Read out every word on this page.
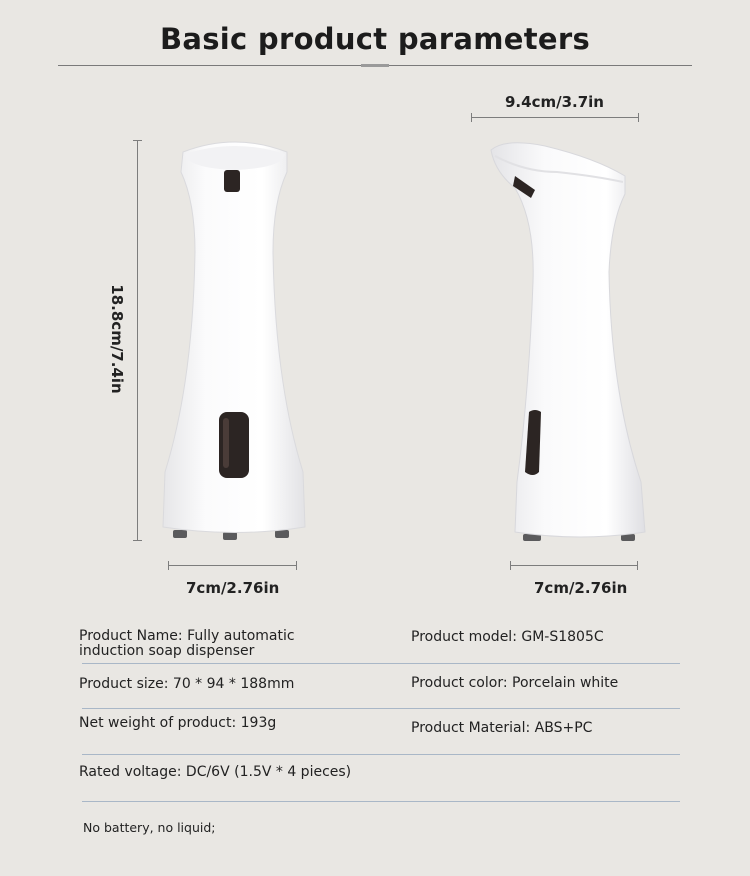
Basic product parameters
18.8cm/7.4in
7cm/2.76in
9.4cm/3.7in
7cm/2.76in
Product Name: Fully automatic
induction soap dispenser
Product model: GM-S1805C
Product size: 70 * 94 * 188mm	Product color: Porcelain white
Net weight of product: 193g	Product Material: ABS+PC
Rated voltage: DC/6V (1.5V * 4 pieces)
No battery, no liquid;
